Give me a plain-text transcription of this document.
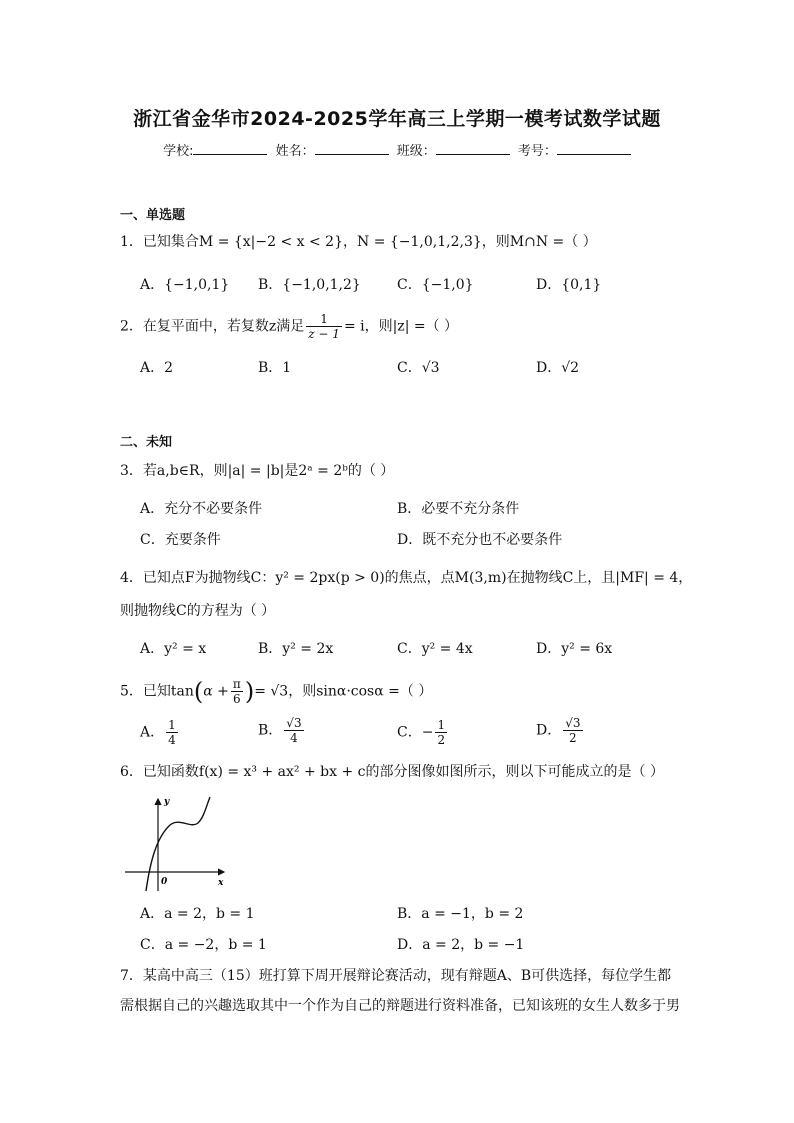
浙江省金华市2024-2025学年高三上学期一模考试数学试题
学校:	姓名：	班级：	考号：
一、单选题
1．已知集合M = {x|−2 < x < 2}，N = {−1,0,1,2,3}，则M∩N =（ ）
A．{−1,0,1} B．{−1,0,1,2}	C．{−1,0}	D．{0,1}
2．在复平面中，若复数z满足 $\frac{1}{z - 1} = i$，则|z| =（ ）
A．2	B．1	C．√3	D．√2
二、未知
3．若a,b∈R，则|a| = |b|是2ᵃ = 2ᵇ的（ ）
A．充分不必要条件	B．必要不充分条件
C．充要条件	D．既不充分也不必要条件
4．已知点F为抛物线C：y² = 2px(p > 0)的焦点，点M(3,m)在抛物线C上，且|MF| = 4，
则抛物线C的方程为（ ）
A．y² = x	B．y² = 2x	C．y² = 4x	D．y² = 6x
5．已知$\tan(\alpha + \frac{\pi}{6}$ )= √3，则sinα·cosα =（ ）
A． $\frac{1}{4}$	B． $\frac{√3}{4}$	C．− $\frac{1}{2}$	D． $\frac{√3}{2}$
6．已知函数f(x) = x³ + ax² + bx + c的部分图像如图所示，则以下可能成立的是（ ）
y
x
0
A．a = 2，b = 1	B．a = −1，b = 2
C．a = −2，b = 1	D．a = 2，b = −1
7．某高中高三（15）班打算下周开展辩论赛活动，现有辩题A、B可供选择，每位学生都
需根据自己的兴趣选取其中一个作为自己的辩题进行资料准备，已知该班的女生人数多于男
